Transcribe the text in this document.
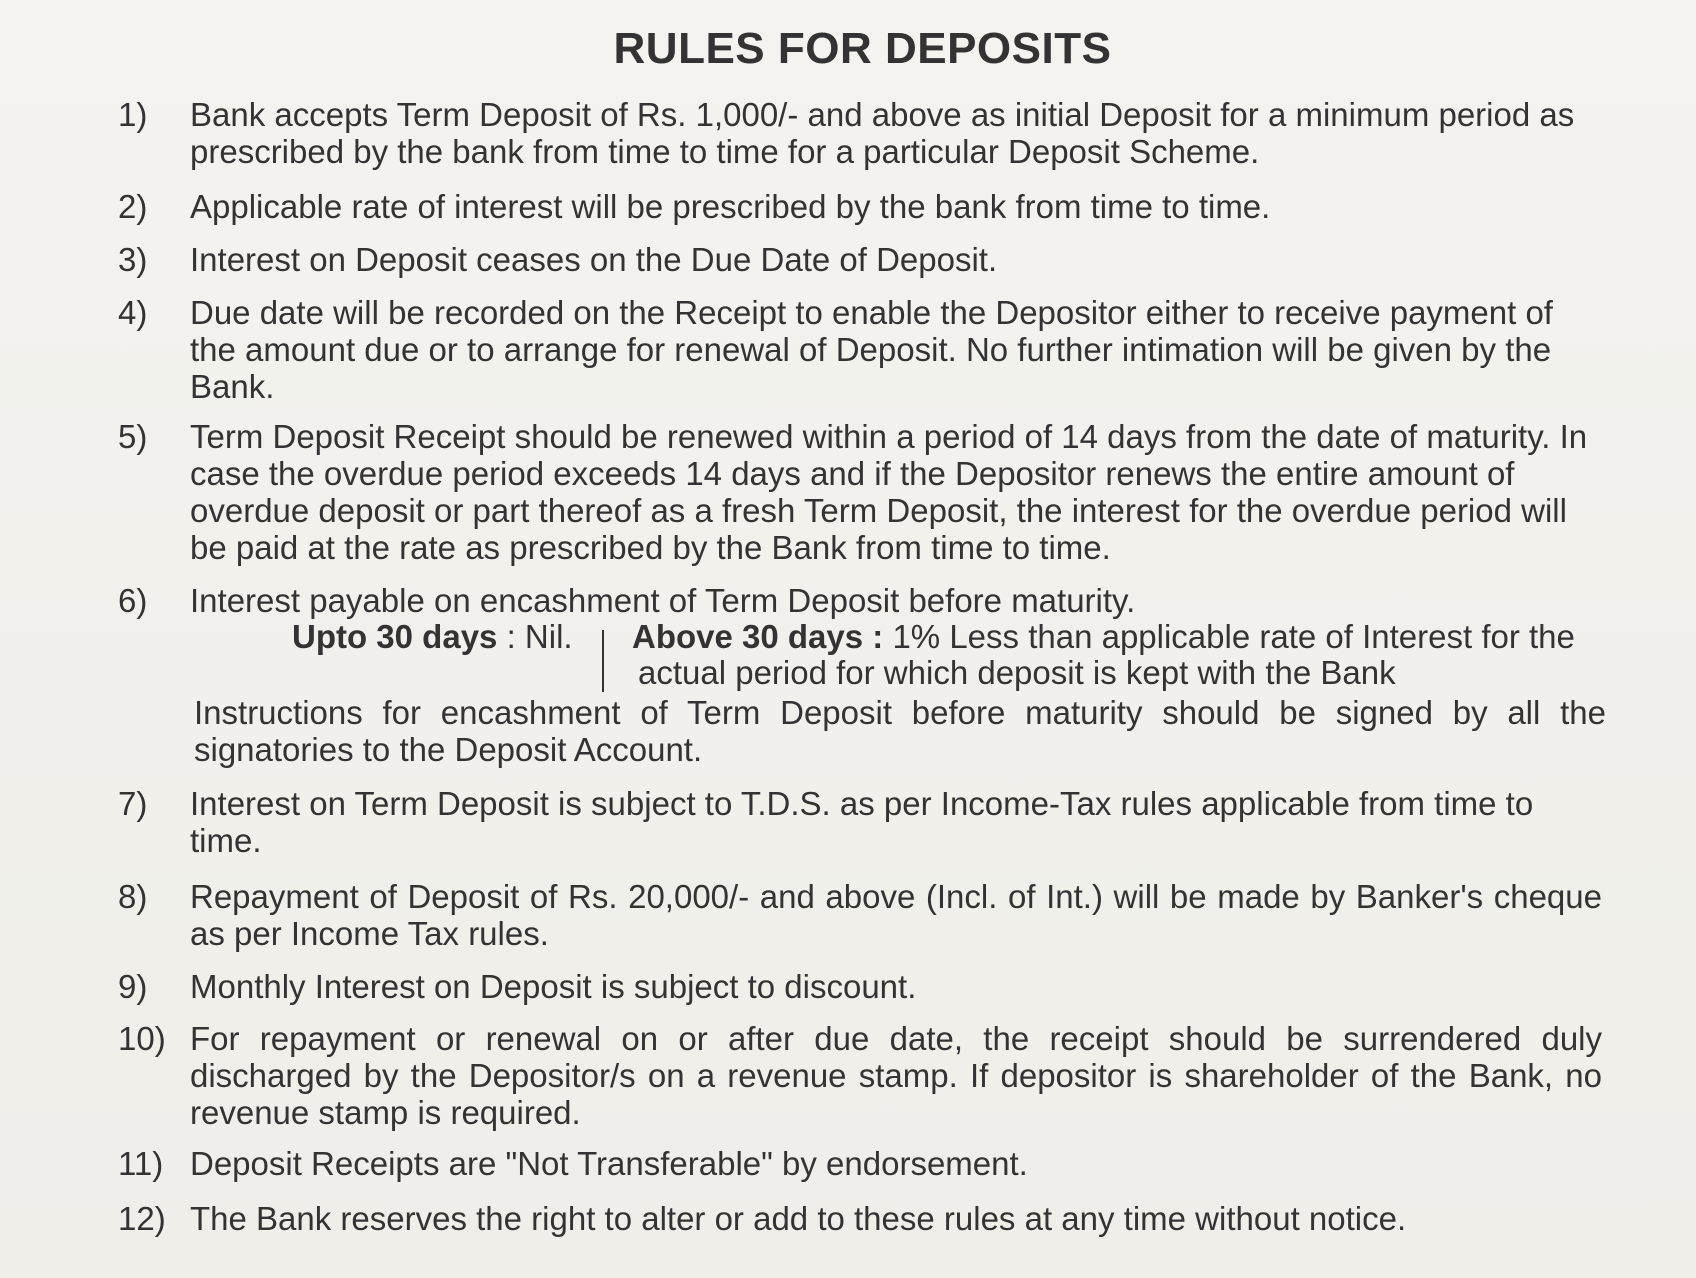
RULES FOR DEPOSITS
1)	Bank accepts Term Deposit of Rs. 1,000/- and above as initial Deposit for a minimum period as prescribed by the bank from time to time for a particular Deposit Scheme.
2)	Applicable rate of interest will be prescribed by the bank from time to time.
3)	Interest on Deposit ceases on the Due Date of Deposit.
4)	Due date will be recorded on the Receipt to enable the Depositor either to receive payment of the amount due or to arrange for renewal of Deposit. No further intimation will be given by the Bank.
5)	Term Deposit Receipt should be renewed within a period of 14 days from the date of maturity. In case the overdue period exceeds 14 days and if the Depositor renews the entire amount of overdue deposit or part thereof as a fresh Term Deposit, the interest for the overdue period will be paid at the rate as prescribed by the Bank from time to time.
6)	Interest payable on encashment of Term Deposit before maturity.
Upto 30 days : Nil. Above 30 days : 1% Less than applicable rate of Interest for the
actual period for which deposit is kept with the Bank
Instructions for encashment of Term Deposit before maturity should be signed by all the signatories to the Deposit Account.
7)	Interest on Term Deposit is subject to T.D.S. as per Income-Tax rules applicable from time to time.
8)	Repayment of Deposit of Rs. 20,000/- and above (Incl. of Int.) will be made by Banker's cheque as per Income Tax rules.
9)	Monthly Interest on Deposit is subject to discount.
10) For repayment or renewal on or after due date, the receipt should be surrendered duly discharged by the Depositor/s on a revenue stamp. If depositor is shareholder of the Bank, no revenue stamp is required.
11) Deposit Receipts are "Not Transferable" by endorsement.
12) The Bank reserves the right to alter or add to these rules at any time without notice.
